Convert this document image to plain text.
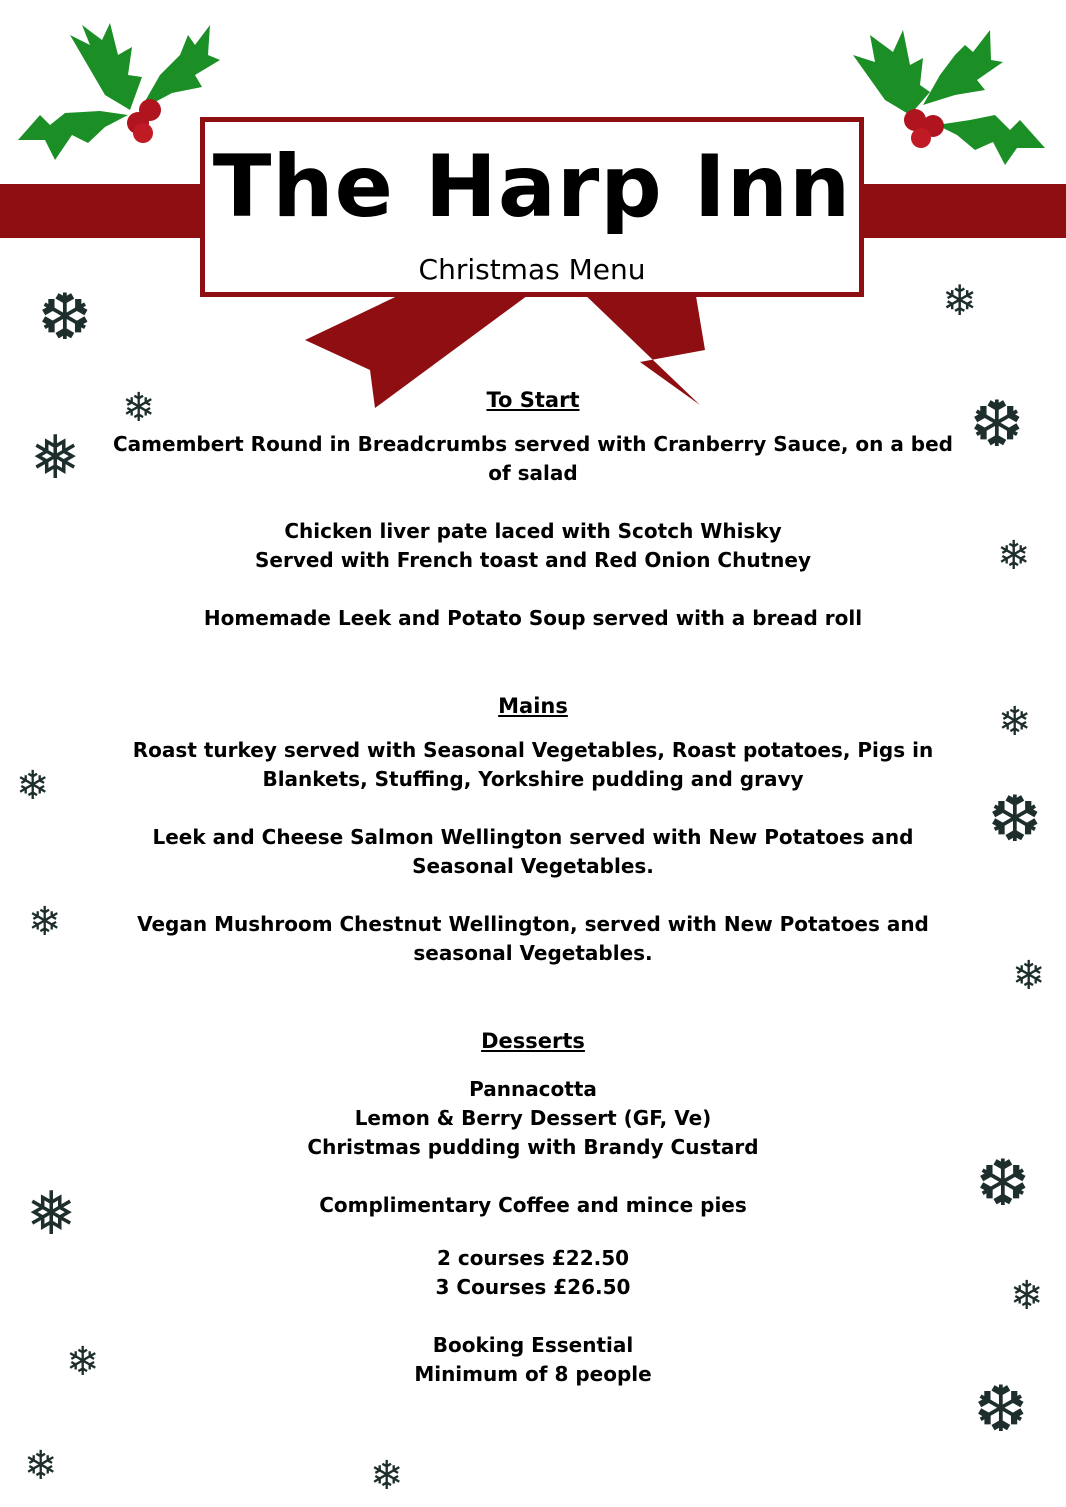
The Harp Inn
Christmas Menu
❆	❄
❄
❅	❆
❄
❄
❄	❆
❄
❄
❆
❅
❄
❄
❆
❄	❄
To Start
Camembert Round in Breadcrumbs served with Cranberry Sauce, on a bed of salad
Chicken liver pate laced with Scotch Whisky
Served with French toast and Red Onion Chutney
Homemade Leek and Potato Soup served with a bread roll
Mains
Roast turkey served with Seasonal Vegetables, Roast potatoes, Pigs in Blankets, Stuffing, Yorkshire pudding and gravy
Leek and Cheese Salmon Wellington served with New Potatoes and Seasonal Vegetables.
Vegan Mushroom Chestnut Wellington, served with New Potatoes and seasonal Vegetables.
Desserts
Pannacotta
Lemon & Berry Dessert (GF, Ve)
Christmas pudding with Brandy Custard
Complimentary Coffee and mince pies
2 courses £22.50
3 Courses £26.50
Booking Essential
Minimum of 8 people
